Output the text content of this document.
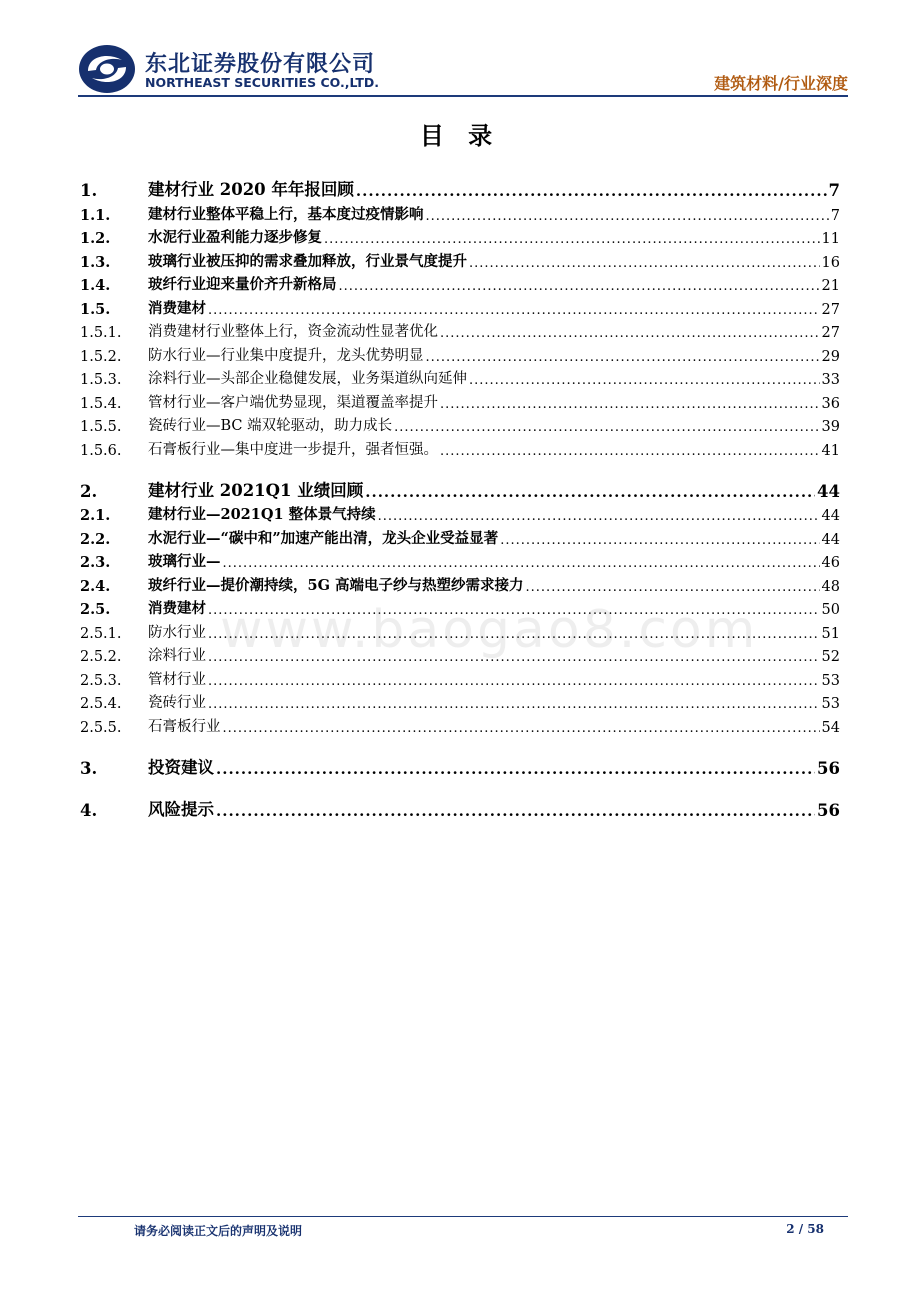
东北证券股份有限公司
NORTHEAST SECURITIES CO.,LTD.	建筑材料/行业深度
目 录
1.	建材行业 2020 年年报回顾 .....	7
1.1.	建材行业整体平稳上行，基本度过疫情影响 .....	7
1.2.	水泥行业盈利能力逐步修复 .....	11
1.3.	玻璃行业被压抑的需求叠加释放，行业景气度提升 .....	16
1.4.	玻纤行业迎来量价齐升新格局 .....	21
1.5.	消费建材 .....	27
1.5.1.	消费建材行业整体上行，资金流动性显著优化 .....	27
1.5.2.	防水行业—行业集中度提升，龙头优势明显 .....	29
1.5.3.	涂料行业—头部企业稳健发展，业务渠道纵向延伸 .....	33
1.5.4.	管材行业—客户端优势显现，渠道覆盖率提升 .....	36
1.5.5.	瓷砖行业—BC 端双轮驱动，助力成长 .....	39
1.5.6.	石膏板行业—集中度进一步提升，强者恒强。 .....	41
2.	建材行业 2021Q1 业绩回顾 .....	44
2.1.	建材行业—2021Q1 整体景气持续 .....	44
2.2.	水泥行业—“碳中和”加速产能出清，龙头企业受益显著 .....	44
2.3.	玻璃行业— .....	46
2.4.	玻纤行业—提价潮持续，5G 高端电子纱与热塑纱需求接力 .....	48
2.5.	消费建材 .....	50
2.5.1.	防水行业 .....	51
2.5.2.	涂料行业 .....	52
2.5.3.	管材行业 .....	53
2.5.4.	瓷砖行业 .....	53
2.5.5.	石膏板行业 .....	54
3.	投资建议 .....	56
4.	风险提示 .....	56
www.baogao8.com
请务必阅读正文后的声明及说明	2 / 58
